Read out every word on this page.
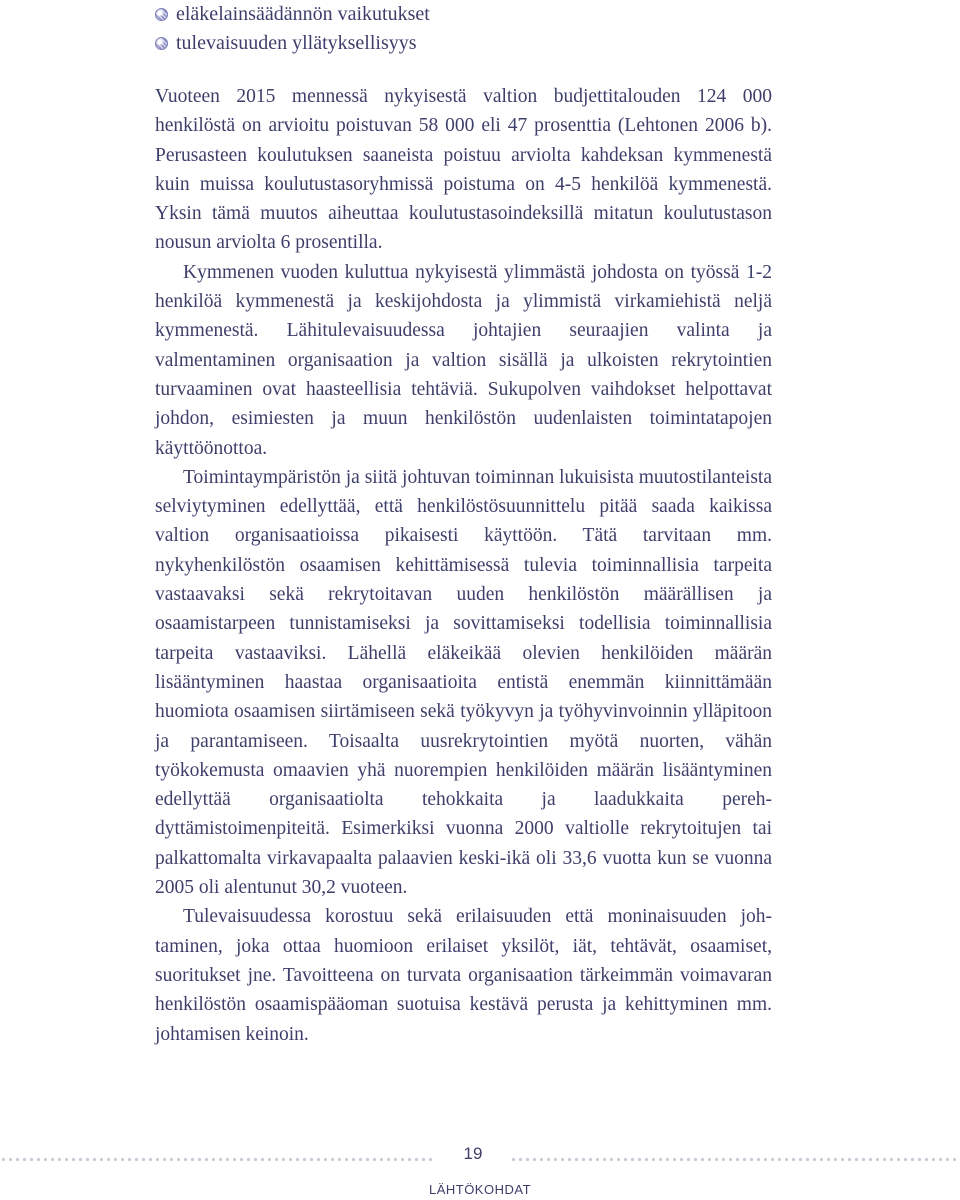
eläkelainsäädännön vaikutukset
tulevaisuuden yllätyksellisyys

Vuoteen 2015 mennessä nykyisestä valtion budjettitalouden 124 000 henkilöstä on arvioitu poistuvan 58 000 eli 47 prosenttia (Lehtonen 2006 b). Perusasteen koulutuksen saaneista poistuu arviolta kahdeksan kymmenestä kuin muissa koulutustasoryhmissä poistuma on 4-5 henkilöä kymmenestä. Yksin tämä muutos aiheuttaa koulutustasoindeksillä mitatun koulutustason nousun arviolta 6 prosentilla.

Kymmenen vuoden kuluttua nykyisestä ylimmästä johdosta on työssä 1-2 henkilöä kymmenestä ja keskijohdosta ja ylimmistä virkamiehistä neljä kymmenestä. Lähitulevaisuudessa johtajien seuraajien valinta ja valmentaminen organisaation ja valtion sisällä ja ulkoisten rekrytointien turvaaminen ovat haasteellisia tehtäviä. Sukupolven vaihdokset helpottavat johdon, esimiesten ja muun henkilöstön uudenlaisten toimintatapojen käyttöönottoa.

Toimintaympäristön ja siitä johtuvan toiminnan lukuisista muutostilanteista selviytyminen edellyttää, että henkilöstösuunnittelu pitää saada kaikissa valtion organisaatioissa pikaisesti käyttöön. Tätä tarvitaan mm. nykyhenkilöstön osaamisen kehittämisessä tulevia toiminnallisia tarpeita vastaavaksi sekä rekrytoitavan uuden henkilöstön määrällisen ja osaamistarpeen tunnistamiseksi ja sovittamiseksi todellisia toiminnallisia tarpeita vastaaviksi. Lähellä eläkeikää olevien henkilöiden määrän lisääntyminen haastaa organisaatioita entistä enemmän kiinnittämään huomiota osaamisen siirtämiseen sekä työkyvyn ja työhyvinvoinnin ylläpitoon ja parantamiseen. Toisaalta uusrekrytointien myötä nuorten, vähän työkokemusta omaavien yhä nuorempien henkilöiden määrän lisääntyminen edellyttää organisaatiolta tehokkaita ja laadukkaita perehdyttämistoimenpiteitä. Esimerkiksi vuonna 2000 valtiolle rekrytoitujen tai palkattomalta virkavapaalta palaavien keski-ikä oli 33,6 vuotta kun se vuonna 2005 oli alentunut 30,2 vuoteen.

Tulevaisuudessa korostuu sekä erilaisuuden että moninaisuuden johtaminen, joka ottaa huomioon erilaiset yksilöt, iät, tehtävät, osaamiset, suoritukset jne. Tavoitteena on turvata organisaation tärkeimmän voimavaran henkilöstön osaamispääoman suotuisa kestävä perusta ja kehittyminen mm. johtamisen keinoin.

19
LÄHTÖKOHDAT
